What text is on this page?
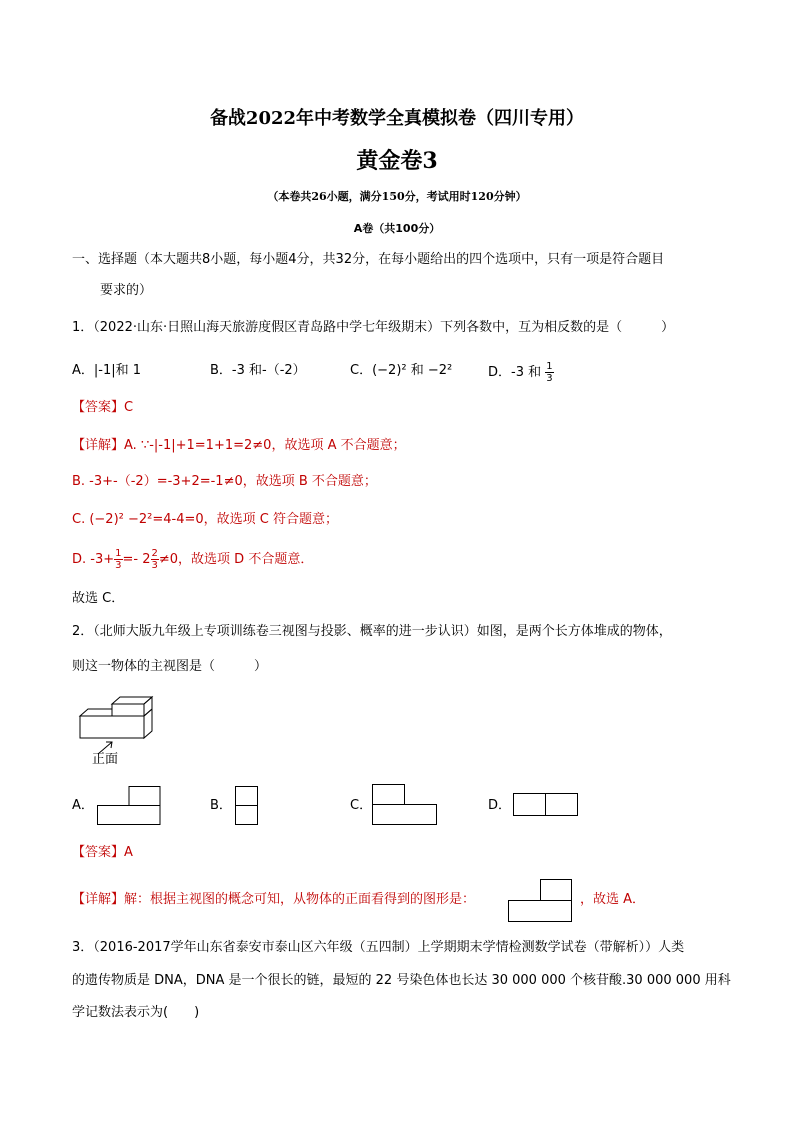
备战2022年中考数学全真模拟卷（四川专用）
黄金卷3
（本卷共26小题，满分150分，考试用时120分钟）
A卷（共100分）
一、选择题（本大题共8小题，每小题4分，共32分，在每小题给出的四个选项中，只有一项是符合题目
要求的）
1．（2022·山东·日照山海天旅游度假区青岛路中学七年级期末）下列各数中，互为相反数的是（　　　）
A．|-1|和 1	B．-3 和-（-2）	C．(−2)² 和 −2²	D．-3 和 $\frac{1}{3}$
【答案】C
【详解】A. ∵-|-1|+1=1+1=2≠0，故选项 A 不合题意；
B. -3+-（-2）=-3+2=-1≠0，故选项 B 不合题意；
C. (−2)² −2²=4-4=0，故选项 C 符合题意；
D. $-3+ \frac{1}{3} =- 2 \frac{2}{3} \ne 0$，故选项 D 不合题意．
故选 C．
2．（北师大版九年级上专项训练卷三视图与投影、概率的进一步认识）如图，是两个长方体堆成的物体，
则这一物体的主视图是（　　　）
正面
A．	B．	C．	D．
【答案】A
【详解】解：根据主视图的概念可知，从物体的正面看得到的图形是：	，故选 A．
3．（2016-2017学年山东省泰安市泰山区六年级（五四制）上学期期末学情检测数学试卷（带解析））人类
的遗传物质是 DNA，DNA 是一个很长的链，最短的 22 号染色体也长达 30 000 000 个核苷酸.30 000 000 用科
学记数法表示为(　　)
